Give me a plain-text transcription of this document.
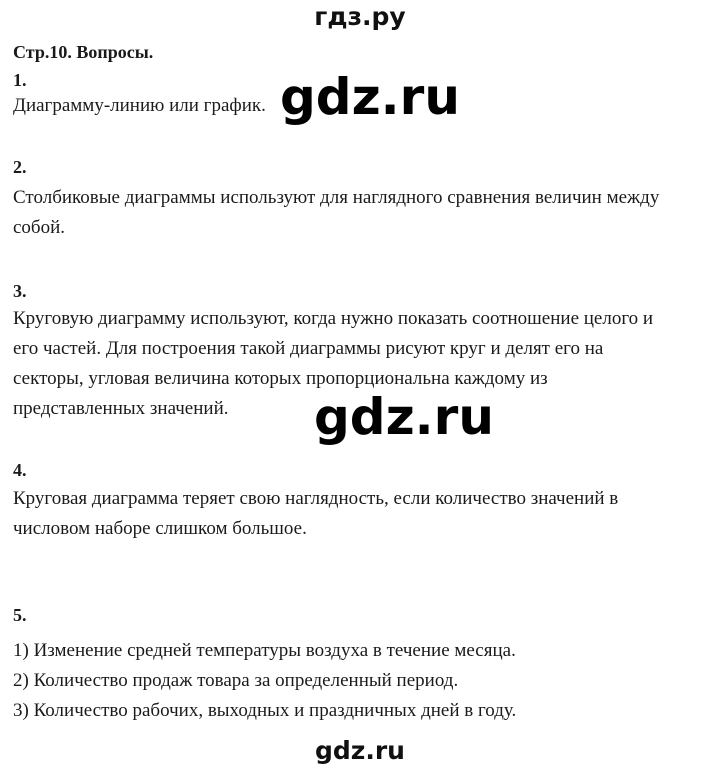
гдз.ру
Стр.10. Вопросы.
1.

Диаграмму-линию или график.

2.

Столбиковые диаграммы используют для наглядного сравнения величин между
собой.

3.

Круговую диаграмму используют, когда нужно показать соотношение целого и
его частей. Для построения такой диаграммы рисуют круг и делят его на
секторы, угловая величина которых пропорциональна каждому из
представленных значений.

4.

Круговая диаграмма теряет свою наглядность, если количество значений в
числовом наборе слишком большое.

5.

1) Изменение средней температуры воздуха в течение месяца.
2) Количество продаж товара за определенный период.
3) Количество рабочих, выходных и праздничных дней в году.

gdz.ru
gdz.ru
gdz.ru
